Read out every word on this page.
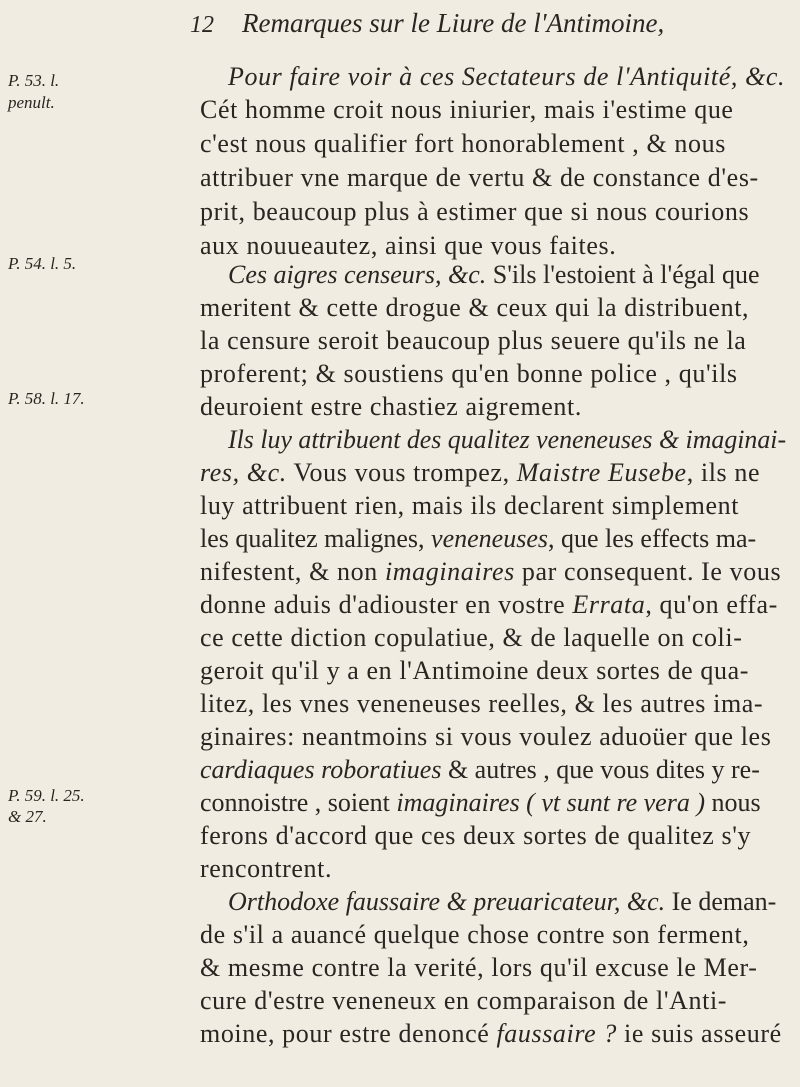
12 Remarques sur le Liure de l'Antimoine,
P. 53. l.
penult.
P. 54. l. 5.
P. 58. l. 17.
P. 59. l. 25.
& 27.
Pour faire voir à ces Sectateurs de l'Antiquité, &c.
Cét homme croit nous iniurier, mais i'estime que
c'est nous qualifier fort honorablement , & nous
attribuer vne marque de vertu & de constance d'es-
prit, beaucoup plus à estimer que si nous courions
aux nouueautez, ainsi que vous faites.
Ces aigres censeurs, &c. S'ils l'estoient à l'égal que
meritent & cette drogue & ceux qui la distribuent,
la censure seroit beaucoup plus seuere qu'ils ne la
proferent; & soustiens qu'en bonne police , qu'ils
deuroient estre chastiez aigrement.
Ils luy attribuent des qualitez veneneuses & imaginai-
res, &c. Vous vous trompez, Maistre Eusebe, ils ne
luy attribuent rien, mais ils declarent simplement
les qualitez malignes, veneneuses, que les effects ma-
nifestent, & non imaginaires par consequent. Ie vous
donne aduis d'adiouster en vostre Errata, qu'on effa-
ce cette diction copulatiue, & de laquelle on coli-
geroit qu'il y a en l'Antimoine deux sortes de qua-
litez, les vnes veneneuses reelles, & les autres ima-
ginaires: neantmoins si vous voulez aduoüer que les
cardiaques roboratiues & autres , que vous dites y re-
connoistre , soient imaginaires ( vt sunt re vera ) nous
ferons d'accord que ces deux sortes de qualitez s'y
rencontrent.
Orthodoxe faussaire & preuaricateur, &c. Ie deman-
de s'il a auancé quelque chose contre son ferment,
& mesme contre la verité, lors qu'il excuse le Mer-
cure d'estre veneneux en comparaison de l'Anti-
moine, pour estre denoncé faussaire ? ie suis asseuré
